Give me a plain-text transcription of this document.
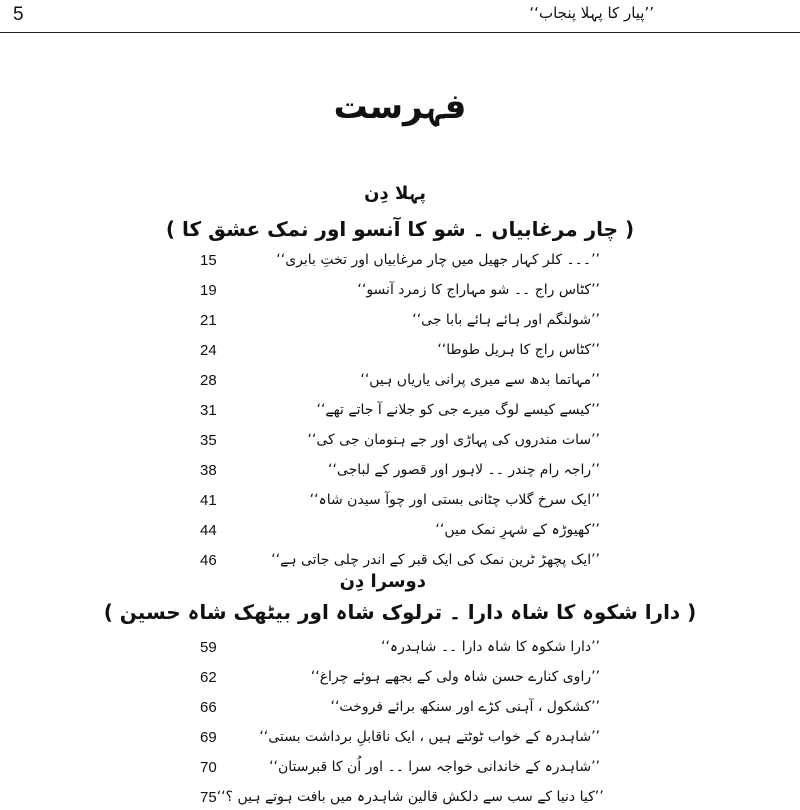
5	’’پیار کا پہلا پنجاب‘‘
فہرست
پہلا دِن
( چار مرغابیاں ۔ شو کا آنسو اور نمک عشق کا )
15	’’۔۔۔ کلر کہار جھیل میں چار مرغابیاں اور تختِ بابری‘‘
19	’’کٹاس راج ۔۔ شو مہاراج کا زمرد آنسو‘‘
21	’’شولنگم اور ہائے ہائے بابا جی‘‘
24	’’کٹاس راج کا ہریل طوطا‘‘
28	’’مہاتما بدھ سے میری پرانی یاریاں ہیں‘‘
31	’’کیسے کیسے لوگ میرے جی کو جلانے آ جاتے تھے‘‘
35	’’سات مندروں کی پہاڑی اور جے ہنومان جی کی‘‘
38	’’راجہ رام چندر ۔۔ لاہور اور قصور کے لباجی‘‘
41	’’ایک سرخ گلاب چٹانی بستی اور چوآ سیدن شاہ‘‘
44	’’کھیوڑہ کے شہرِ نمک میں‘‘
46	’’ایک پچھڑ ٹرین نمک کی ایک قبر کے اندر چلی جاتی ہے‘‘
دوسرا دِن
( دارا شکوہ کا شاہ دارا ۔ ترلوک شاہ اور بیٹھک شاہ حسین )
59	’’دارا شکوہ کا شاہ دارا ۔۔ شاہدرہ‘‘
62	’’راوی کنارے حسن شاہ ولی کے بجھے ہوئے چراغ‘‘
66	’’کشکول ، آہنی کڑے اور سنکھ برائے فروخت‘‘
69	’’شاہدرہ کے خواب ٹوٹتے ہیں ، ایک ناقابلِ برداشت بستی‘‘
70	’’شاہدرہ کے خاندانی خواجہ سرا ۔۔ اور اُن کا قبرستان‘‘
75 ’’کیا دنیا کے سب سے دلکش قالین شاہدرہ میں بافت ہوتے ہیں ؟‘‘
